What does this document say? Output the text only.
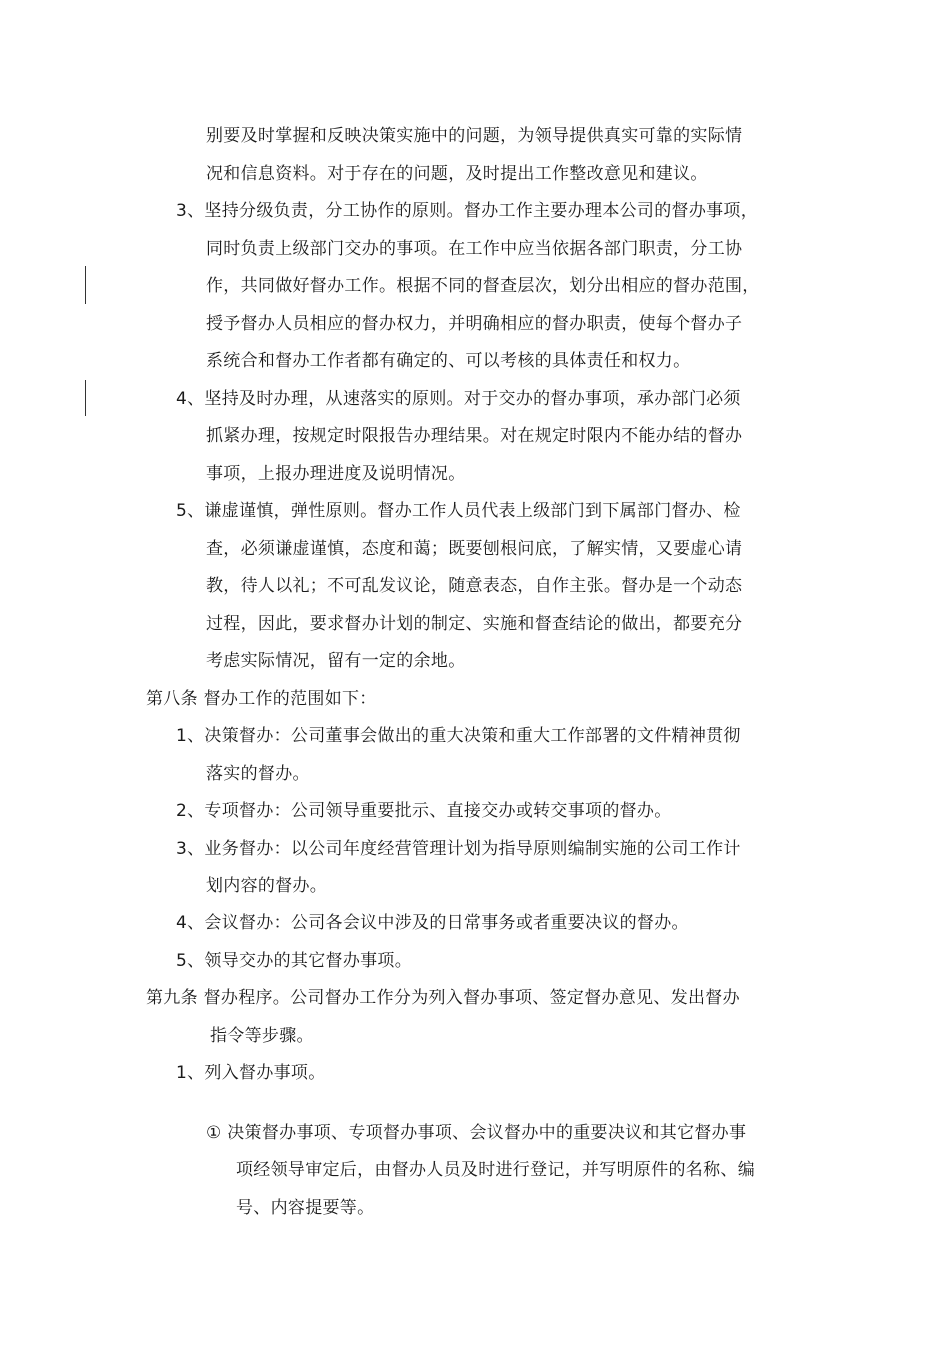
别要及时掌握和反映决策实施中的问题，为领导提供真实可靠的实际情
况和信息资料。对于存在的问题，及时提出工作整改意见和建议。
3、坚持分级负责，分工协作的原则。督办工作主要办理本公司的督办事项，
同时负责上级部门交办的事项。在工作中应当依据各部门职责，分工协
作，共同做好督办工作。根据不同的督查层次，划分出相应的督办范围，
授予督办人员相应的督办权力，并明确相应的督办职责，使每个督办子
系统合和督办工作者都有确定的、可以考核的具体责任和权力。
4、坚持及时办理，从速落实的原则。对于交办的督办事项，承办部门必须
抓紧办理，按规定时限报告办理结果。对在规定时限内不能办结的督办
事项，上报办理进度及说明情况。
5、谦虚谨慎，弹性原则。督办工作人员代表上级部门到下属部门督办、检
查，必须谦虚谨慎，态度和蔼；既要刨根问底，了解实情，又要虚心请
教，待人以礼；不可乱发议论，随意表态，自作主张。督办是一个动态
过程，因此，要求督办计划的制定、实施和督查结论的做出，都要充分
考虑实际情况，留有一定的余地。
第八条 督办工作的范围如下：
1、决策督办：公司董事会做出的重大决策和重大工作部署的文件精神贯彻
落实的督办。
2、专项督办：公司领导重要批示、直接交办或转交事项的督办。
3、业务督办：以公司年度经营管理计划为指导原则编制实施的公司工作计
划内容的督办。
4、会议督办：公司各会议中涉及的日常事务或者重要决议的督办。
5、领导交办的其它督办事项。
第九条 督办程序。公司督办工作分为列入督办事项、签定督办意见、发出督办
指令等步骤。
1、列入督办事项。
① 决策督办事项、专项督办事项、会议督办中的重要决议和其它督办事
项经领导审定后，由督办人员及时进行登记，并写明原件的名称、编
号、内容提要等。
